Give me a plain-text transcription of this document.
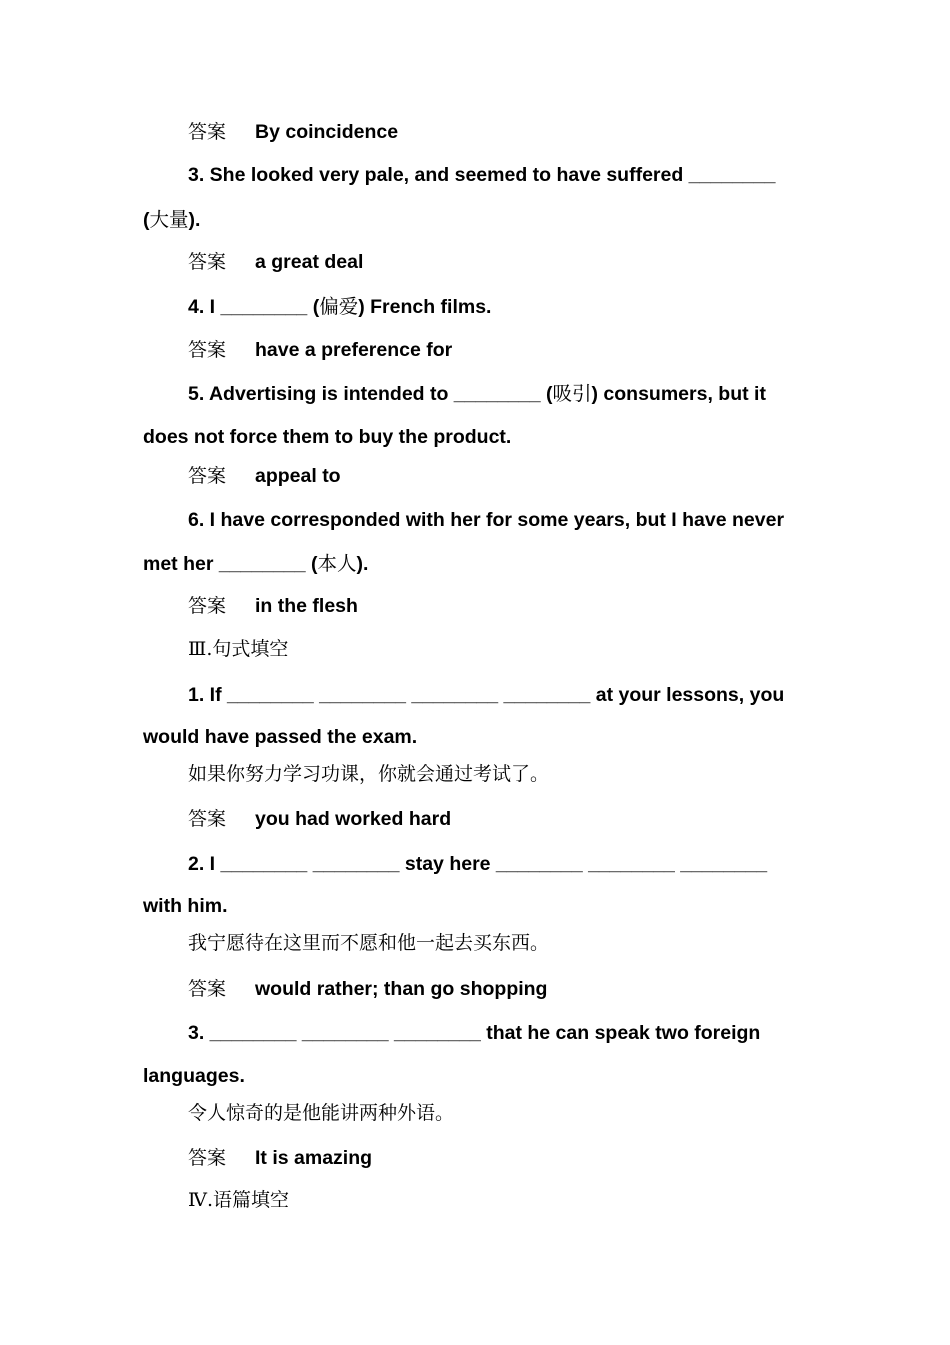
答案 By coincidence
3. She looked very pale, and seemed to have suffered ________
(大量).
答案 a great deal
4. I ________ (偏爱) French films.
答案 have a preference for
5. Advertising is intended to ________ (吸引) consumers, but it
does not force them to buy the product.
答案 appeal to
6. I have corresponded with her for some years, but I have never
met her ________ (本人).
答案 in the flesh
Ⅲ.句式填空
1. If ________ ________ ________ ________ at your lessons, you
would have passed the exam.
如果你努力学习功课，你就会通过考试了。
答案 you had worked hard
2. I ________ ________ stay here ________ ________ ________
with him.
我宁愿待在这里而不愿和他一起去买东西。
答案 would rather; than go shopping
3. ________ ________ ________ that he can speak two foreign
languages.
令人惊奇的是他能讲两种外语。
答案 It is amazing
Ⅳ.语篇填空
